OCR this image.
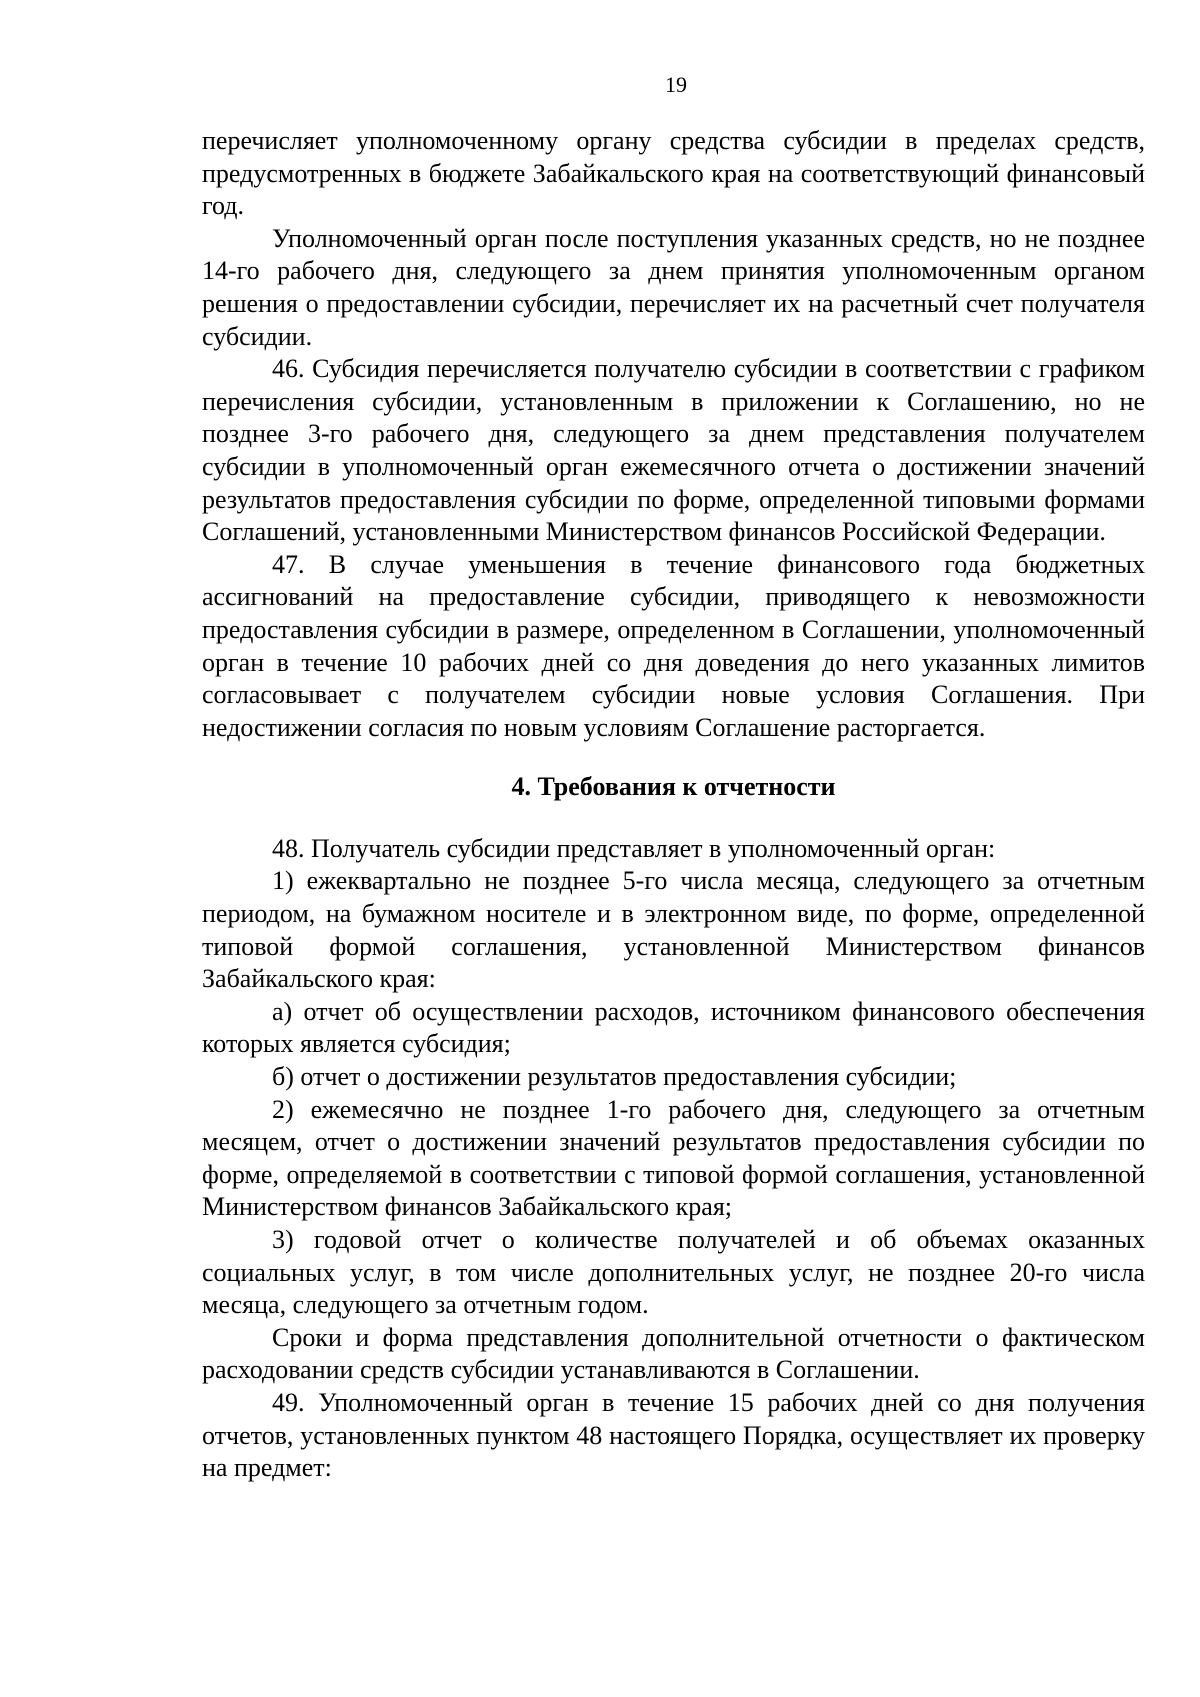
19

перечисляет уполномоченному органу средства субсидии в пределах средств, предусмотренных в бюджете Забайкальского края на соответствующий финансовый год.

Уполномоченный орган после поступления указанных средств, но не позднее 14-го рабочего дня, следующего за днем принятия уполномоченным органом решения о предоставлении субсидии, перечисляет их на расчетный счет получателя субсидии.

46. Субсидия перечисляется получателю субсидии в соответствии с графиком перечисления субсидии, установленным в приложении к Соглашению, но не позднее 3-го рабочего дня, следующего за днем представления получателем субсидии в уполномоченный орган ежемесячного отчета о достижении значений результатов предоставления субсидии по форме, определенной типовыми формами Соглашений, установленными Министерством финансов Российской Федерации.

47. В случае уменьшения в течение финансового года бюджетных ассигнований на предоставление субсидии, приводящего к невозможности предоставления субсидии в размере, определенном в Соглашении, уполномоченный орган в течение 10 рабочих дней со дня доведения до него указанных лимитов согласовывает с получателем субсидии новые условия Соглашения. При недостижении согласия по новым условиям Соглашение расторгается.

4. Требования к отчетности

48. Получатель субсидии представляет в уполномоченный орган:

1) ежеквартально не позднее 5-го числа месяца, следующего за отчетным периодом, на бумажном носителе и в электронном виде, по форме, определенной типовой формой соглашения, установленной Министерством финансов Забайкальского края:

а) отчет об осуществлении расходов, источником финансового обеспечения которых является субсидия;

б) отчет о достижении результатов предоставления субсидии;

2) ежемесячно не позднее 1-го рабочего дня, следующего за отчетным месяцем, отчет о достижении значений результатов предоставления субсидии по форме, определяемой в соответствии с типовой формой соглашения, установленной Министерством финансов Забайкальского края;

3) годовой отчет о количестве получателей и об объемах оказанных социальных услуг, в том числе дополнительных услуг, не позднее 20-го числа месяца, следующего за отчетным годом.

Сроки и форма представления дополнительной отчетности о фактическом расходовании средств субсидии устанавливаются в Соглашении.

49. Уполномоченный орган в течение 15 рабочих дней со дня получения отчетов, установленных пунктом 48 настоящего Порядка, осуществляет их проверку на предмет:
